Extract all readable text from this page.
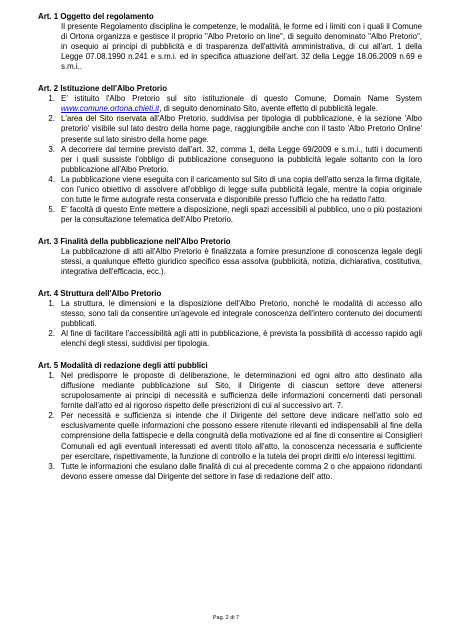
Art. 1 Oggetto del regolamento
Il presente Regolamento disciplina le competenze, le modalità, le forme ed i limiti con i quali il Comune di Ortona organizza e gestisce il proprio "Albo Pretorio on line", di seguito denominato "Albo Pretorio", in osequio ai principi di pubblicità e di trasparenza dell'attività amministrativa, di cui all'art. 1 della Legge 07.08.1990 n.241 e s.m.i. ed in specifica attuazione dell'art. 32 della Legge 18.06.2009 n.69 e s.m.i..
Art. 2 Istituzione dell'Albo Pretorio
1. E' istituito l'Albo Pretorio sul sito istituzionale di questo Comune, Domain Name System www.comune.ortona.chieti.it, di seguito denominato Sito, avente effetto di pubblicità legale.
2. L'area del Sito riservata all'Albo Pretorio, suddivisa per tipologia di pubblicazione, è la sezione 'Albo pretorio' visibile sul lato destro della home page, raggiungibile anche con il tasto 'Albo Pretorio Online' presente sul lato sinistro della home page.
3. A decorrere dal termine previsto dall'art. 32, comma 1, della Legge 69/2009 e s.m.i., tutti i documenti per i quali sussiste l'obbligo di pubblicazione conseguono la pubblicità legale soltanto con la loro pubblicazione all'Albo Pretorio.
4. La pubblicazione viene eseguita con il caricamento sul Sito di una copia dell'atto senza la firma digitale, con l'unico obiettivo di assolvere all'obbligo di legge sulla pubblicità legale, mentre la copia originale con tutte le firme autografe resta conservata e disponibile presso l'ufficio che ha redatto l'atto.
5. E' facoltà di questo Ente mettere a disposizione, negli spazi accessibili al pubblico, uno o più postazioni per la consultazione telematica dell'Albo Pretorio.
Art. 3 Finalità della pubblicazione nell'Albo Pretorio
La pubblicazione di atti all'Albo Pretorio è finalizzata a fornire presunzione di conoscenza legale degli stessi, a qualunque effetto giuridico specifico essa assolva (pubblicità, notizia, dichiarativa, costitutiva, integrativa dell'efficacia, ecc.).
Art. 4 Struttura dell'Albo Pretorio
1. La struttura, le dimensioni e la disposizione dell'Albo Pretorio, nonché le modalità di accesso allo stesso, sono tali da consentire un'agevole ed integrale conoscenza dell'intero contenuto dei documenti pubblicati.
2. Al fine di facilitare l'accessibilità agli atti in pubblicazione, è prevista la possibilità di accesso rapido agli elenchi degli stessi, suddivisi per tipologia.
Art. 5 Modalità di redazione degli atti pubblici
1. Nel predisporre le proposte di deliberazione, le determinazioni ed ogni altro atto destinato alla diffusione mediante pubblicazione sul Sito, il Dirigente di ciascun settore deve attenersi scrupolosamente ai principi di necessità e sufficienza delle informazioni concernenti dati personali fornite dall'atto ed al rigoroso rispetto delle prescrizioni di cui al successivo art. 7.
2. Per necessità e sufficienza si intende che il Dirigente del settore deve indicare nell'atto solo ed esclusivamente quelle informazioni che possono essere ritenute rilevanti ed indispensabili al fine della comprensione della fattispecie e della congruità della motivazione ed al fine di consentire ai Consiglieri Comunali ed agli eventuali interessati ed aventi titolo all'atto, la conoscenza necessaria e sufficiente per esercitare, rispettivamente, la funzione di controllo e la tutela dei propri diritti e/o interessi legittimi.
3. Tutte le informazioni che esulano dalle finalità di cui al precedente comma 2 o che appaiono ridondanti devono essere omesse dal Dirigente del settore in fase di redazione dell' atto.
Pag. 2 di 7
